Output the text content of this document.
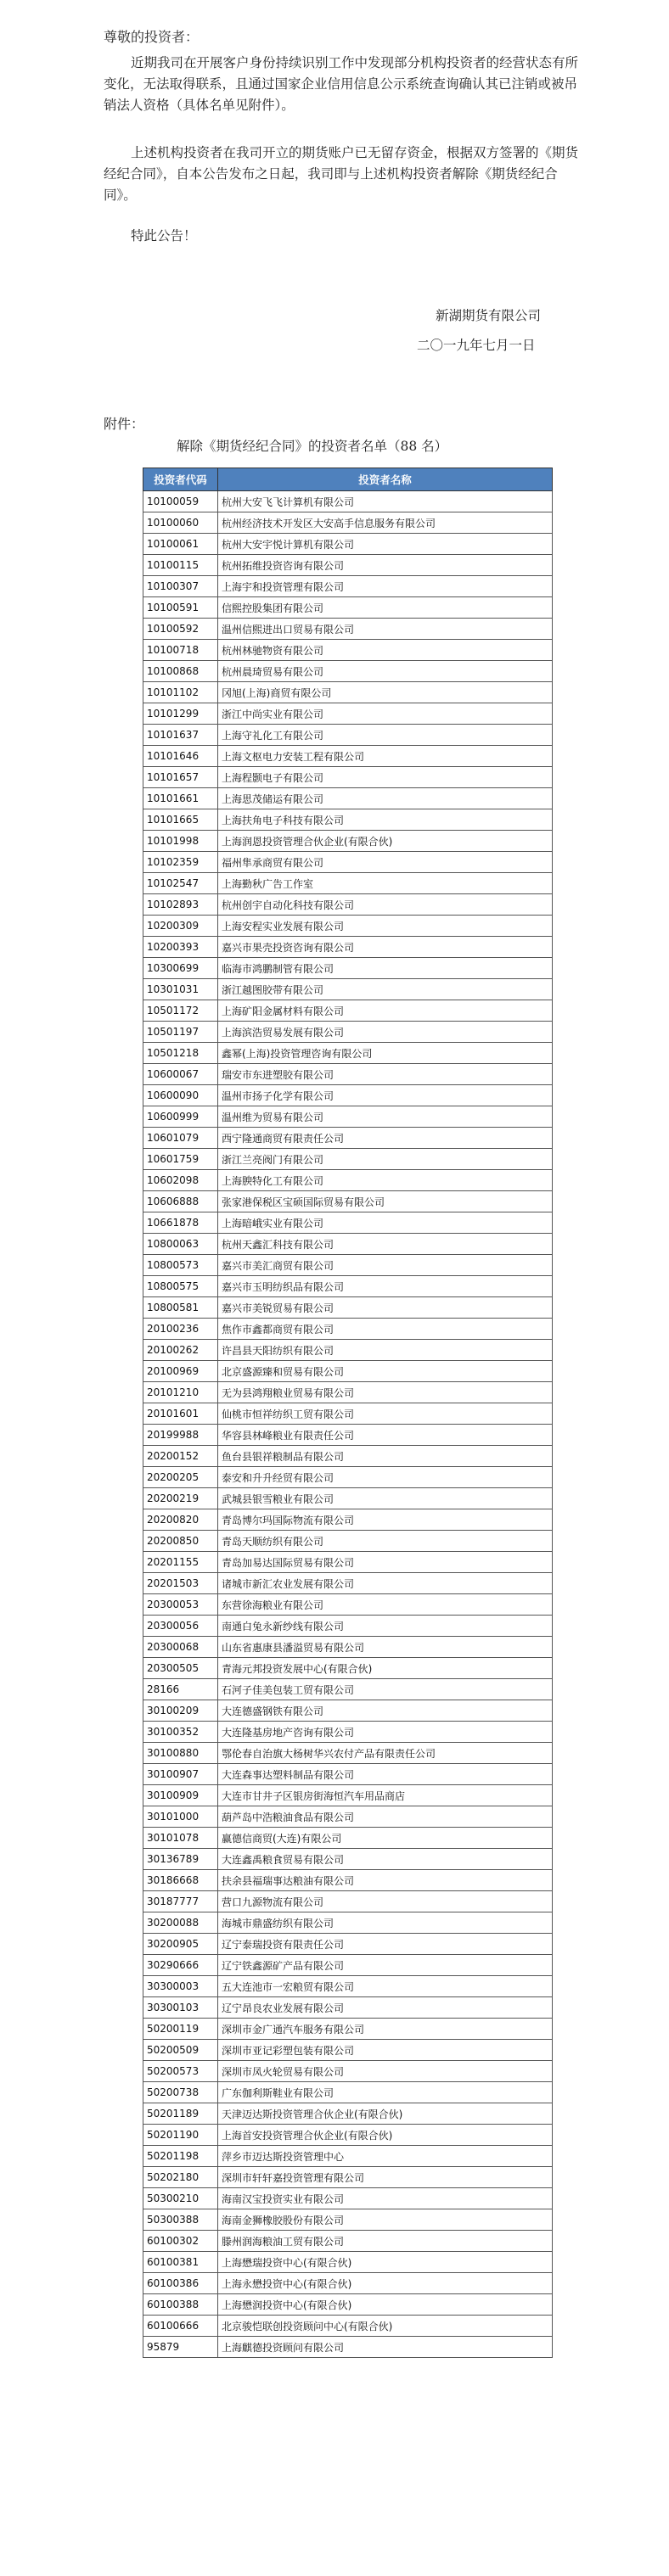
尊敬的投资者：

近期我司在开展客户身份持续识别工作中发现部分机构投资者的经营状态有所变化，无法取得联系，且通过国家企业信用信息公示系统查询确认其已注销或被吊销法人资格（具体名单见附件）。

上述机构投资者在我司开立的期货账户已无留存资金，根据双方签署的《期货经纪合同》，自本公告发布之日起，我司即与上述机构投资者解除《期货经纪合同》。

特此公告！
新湖期货有限公司
二〇一九年七月一日
附件：
解除《期货经纪合同》的投资者名单（88 名）
投资者代码	投资者名称
10100059	杭州大安飞飞计算机有限公司
10100060	杭州经济技术开发区大安高手信息服务有限公司
10100061	杭州大安宇悦计算机有限公司
10100115	杭州拓维投资咨询有限公司
10100307	上海宇和投资管理有限公司
10100591	信熙控股集团有限公司
10100592	温州信熙进出口贸易有限公司
10100718	杭州林驰物资有限公司
10100868	杭州晨琦贸易有限公司
10101102	冈旭(上海)商贸有限公司
10101299	浙江中尚实业有限公司
10101637	上海守礼化工有限公司
10101646	上海文枢电力安装工程有限公司
10101657	上海程颢电子有限公司
10101661	上海思茂储运有限公司
10101665	上海扶角电子科技有限公司
10101998	上海润恩投资管理合伙企业(有限合伙)
10102359	福州隼承商贸有限公司
10102547	上海勤秋广告工作室
10102893	杭州创宇自动化科技有限公司
10200309	上海安程实业发展有限公司
10200393	嘉兴市果壳投资咨询有限公司
10300699	临海市鸿鹏制管有限公司
10301031	浙江越图胶带有限公司
10501172	上海矿阳金属材料有限公司
10501197	上海滨浩贸易发展有限公司
10501218	鑫幂(上海)投资管理咨询有限公司
10600067	瑞安市东进塑胶有限公司
10600090	温州市扬子化学有限公司
10600999	温州维为贸易有限公司
10601079	西宁隆通商贸有限责任公司
10601759	浙江兰亮阀门有限公司
10602098	上海腴特化工有限公司
10606888	张家港保税区宝硕国际贸易有限公司
10661878	上海暗峨实业有限公司
10800063	杭州天鑫汇科技有限公司
10800573	嘉兴市美汇商贸有限公司
10800575	嘉兴市玉明纺织品有限公司
10800581	嘉兴市美锐贸易有限公司
20100236	焦作市鑫都商贸有限公司
20100262	许昌县天阳纺织有限公司
20100969	北京盛源臻和贸易有限公司
20101210	无为县鸿翔粮业贸易有限公司
20101601	仙桃市恒祥纺织工贸有限公司
20199988	华容县林峰粮业有限责任公司
20200152	鱼台县银祥粮制品有限公司
20200205	泰安和升升经贸有限公司
20200219	武城县银雪粮业有限公司
20200820	青岛博尔玛国际物流有限公司
20200850	青岛天顺纺织有限公司
20201155	青岛加易达国际贸易有限公司
20201503	诸城市新汇农业发展有限公司
20300053	东营徐海粮业有限公司
20300056	南通白兔永新纱线有限公司
20300068	山东省惠康县潘溢贸易有限公司
20300505	青海元邦投资发展中心(有限合伙)
28166	石河子佳美包装工贸有限公司
30100209	大连德盛钢铁有限公司
30100352	大连隆基房地产咨询有限公司
30100880	鄂伦春自治旗大杨树华兴农付产品有限责任公司
30100907	大连森事达塑料制品有限公司
30100909	大连市甘井子区银房街海恒汽车用品商店
30101000	葫芦岛中浩粮油食品有限公司
30101078	赢德信商贸(大连)有限公司
30136789	大连鑫禹粮食贸易有限公司
30186668	扶余县福瑞事达粮油有限公司
30187777	营口九源物流有限公司
30200088	海城市鼎盛纺织有限公司
30200905	辽宁泰瑞投资有限责任公司
30290666	辽宁铁鑫源矿产品有限公司
30300003	五大连池市一宏粮贸有限公司
30300103	辽宁昂良农业发展有限公司
50200119	深圳市金广通汽车服务有限公司
50200509	深圳市亚记彩塑包装有限公司
50200573	深圳市凤火轮贸易有限公司
50200738	广东伽利斯鞋业有限公司
50201189	天津迈达斯投资管理合伙企业(有限合伙)
50201190	上海首安投资管理合伙企业(有限合伙)
50201198	萍乡市迈达斯投资管理中心
50202180	深圳市轩轩嘉投资管理有限公司
50300210	海南汉宝投资实业有限公司
50300388	海南金狮橡胶股份有限公司
60100302	滕州润海粮油工贸有限公司
60100381	上海懋瑞投资中心(有限合伙)
60100386	上海永懋投资中心(有限合伙)
60100388	上海懋润投资中心(有限合伙)
60100666	北京骏恺联创投资顾问中心(有限合伙)
95879	上海麒德投资顾问有限公司
